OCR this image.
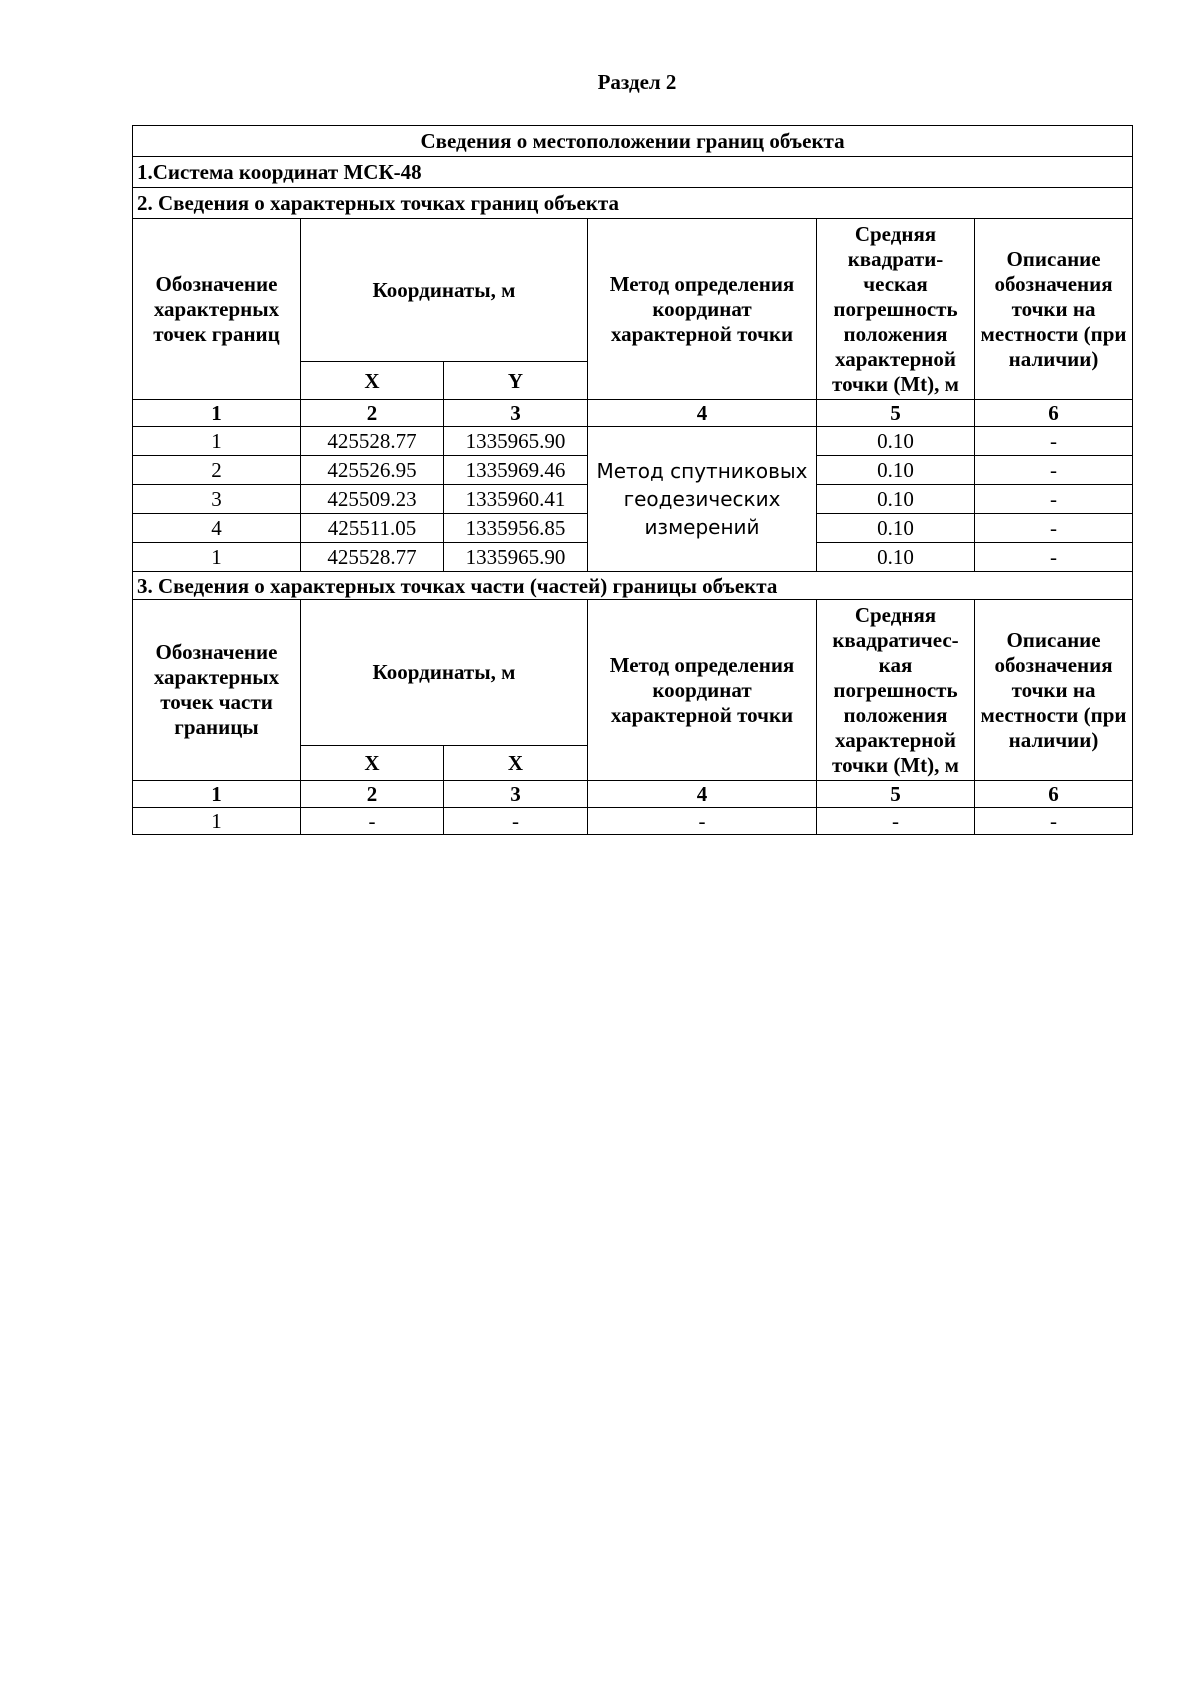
Раздел 2
Сведения о местоположении границ объекта					
1.Система координат МСК-48					
2. Сведения о характерных точках границ объекта					
Обозначение характерных точек границ	Координаты, м		Метод определения координат характерной точки	Средняя квадрати-ческая погрешность положения характерной точки (Mt), м	Описание обозначения точки на местности (при наличии)
	X	Y			
1	2	3	4	5	6
1	425528.77	1335965.90	Метод спутниковых геодезических измерений	0.10	-
2	425526.95	1335969.46		0.10	-
3	425509.23	1335960.41		0.10	-
4	425511.05	1335956.85		0.10	-
1	425528.77	1335965.90		0.10	-
3. Сведения о характерных точках части (частей) границы объекта					
Обозначение характерных точек части границы	Координаты, м		Метод определения координат характерной точки	Средняя квадратичес-кая погрешность положения характерной точки (Mt), м	Описание обозначения точки на местности (при наличии)
	X	X			
1	2	3	4	5	6
1	-	-	-	-	-
